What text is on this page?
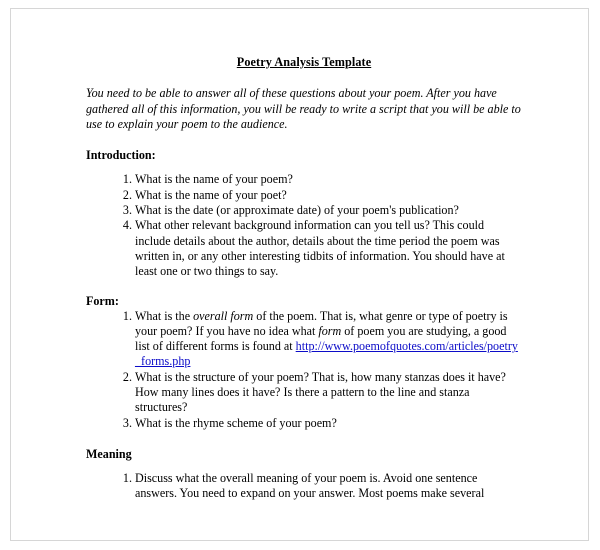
Poetry Analysis Template

You need to be able to answer all of these questions about your poem. After you have gathered all of this information, you will be ready to write a script that you will be able to use to explain your poem to the audience.

Introduction:
1. What is the name of your poem?
2. What is the name of your poet?
3. What is the date (or approximate date) of your poem's publication?
4. What other relevant background information can you tell us? This could include details about the author, details about the time period the poem was written in, or any other interesting tidbits of information. You should have at least one or two things to say.
Form:
1. What is the overall form of the poem. That is, what genre or type of poetry is your poem? If you have no idea what form of poem you are studying, a good list of different forms is found at http://www.poemofquotes.com/articles/poetry_forms.php
2. What is the structure of your poem? That is, how many stanzas does it have? How many lines does it have? Is there a pattern to the line and stanza structures?
3. What is the rhyme scheme of your poem?
Meaning
1. Discuss what the overall meaning of your poem is. Avoid one sentence answers. You need to expand on your answer. Most poems make several
